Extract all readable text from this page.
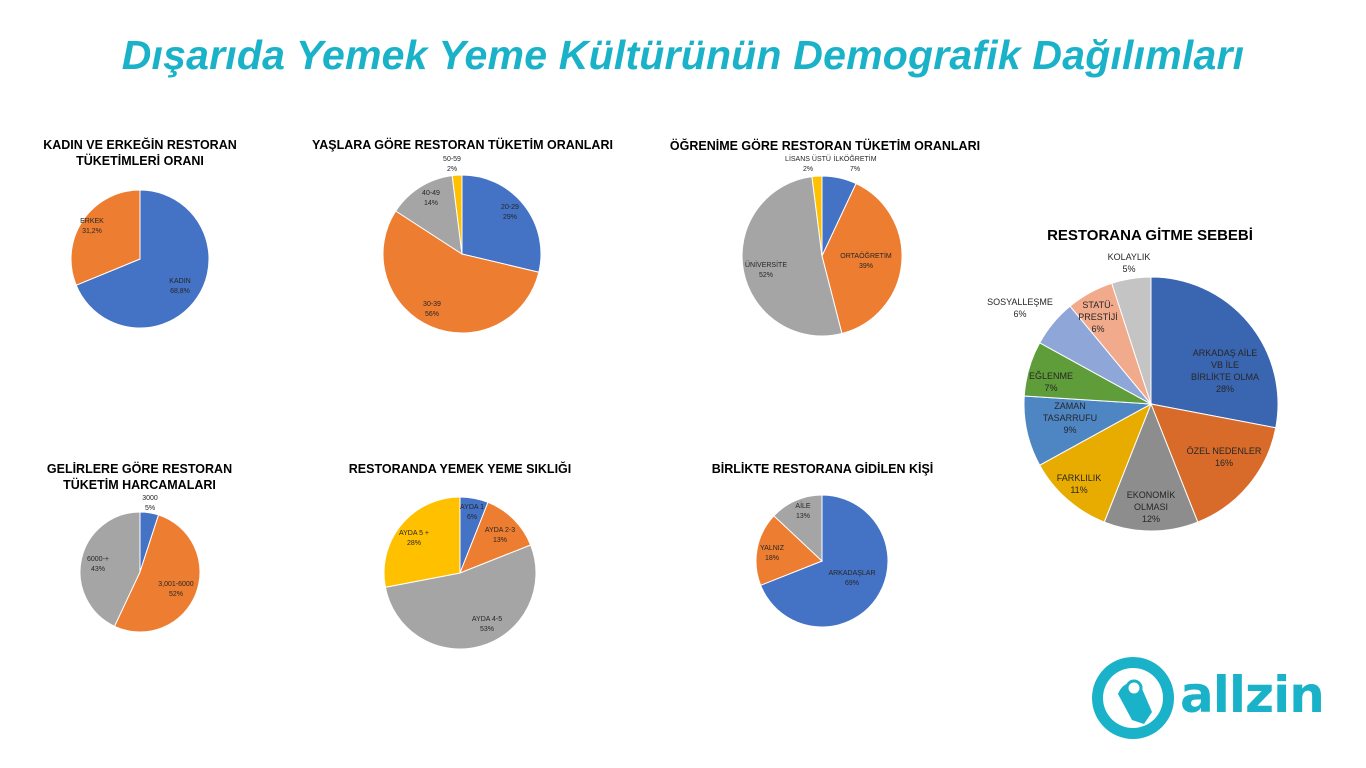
Dışarıda Yemek Yeme Kültürünün Demografik Dağılımları
KADIN VE ERKEĞİN RESTORAN TÜKETİMLERİ ORANI
YAŞLARA GÖRE RESTORAN TÜKETİM ORANLARI	ÖĞRENİME GÖRE RESTORAN TÜKETİM ORANLARI
GELİRLERE GÖRE RESTORAN TÜKETİM HARCAMALARI
RESTORANDA YEMEK YEME SIKLIĞI	BİRLİKTE RESTORANA GİDİLEN KİŞİ
RESTORANA GİTME SEBEBİ
KADIN 68,8%
ERKEK 31,2%
20-29 29%
30-39 56%
40-49 14%
50-59 2%
İLKÖĞRETİM 7%
ORTAÖĞRETİM 39%
ÜNİVERSİTE 52%
LİSANS ÜSTÜ 2%
3000 5%
3,001-6000 52%
6000-+ 43%
AYDA 1 6%
AYDA 2-3 13%
AYDA 4-5 53%
AYDA 5 + 28%
ARKADAŞLAR 69%
YALNIZ 18%
AİLE 13%
ARKADAŞ AİLE VB İLE BİRLİKTE OLMA 28%
ÖZEL NEDENLER 16%
EKONOMİK OLMASI 12%
FARKLILIK 11%
ZAMAN TASARRUFU 9%
EĞLENME 7%
SOSYALLEŞME 6%
STATÜ-PRESTİJİ 6%
KOLAYLIK 5%
allzin
